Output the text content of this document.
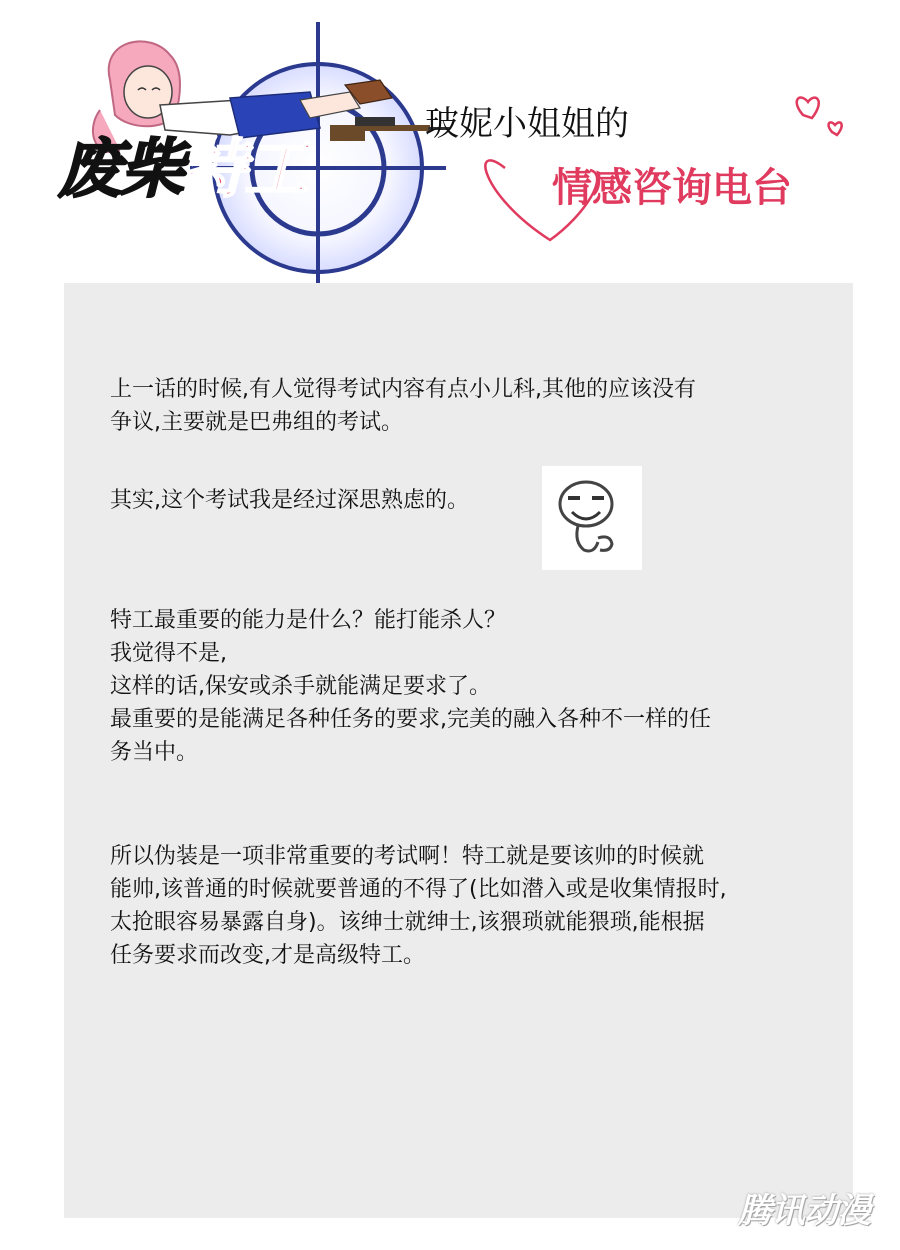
废柴特工
玻妮小姐姐的
情感咨询电台
上一话的时候,有人觉得考试内容有点小儿科,其他的应该没有
争议,主要就是巴弗组的考试。
其实,这个考试我是经过深思熟虑的。
特工最重要的能力是什么？能打能杀人？
我觉得不是,
这样的话,保安或杀手就能满足要求了。
最重要的是能满足各种任务的要求,完美的融入各种不一样的任
务当中。
所以伪装是一项非常重要的考试啊！特工就是要该帅的时候就
能帅,该普通的时候就要普通的不得了(比如潜入或是收集情报时,
太抢眼容易暴露自身)。该绅士就绅士,该猥琐就能猥琐,能根据
任务要求而改变,才是高级特工。
腾讯动漫
